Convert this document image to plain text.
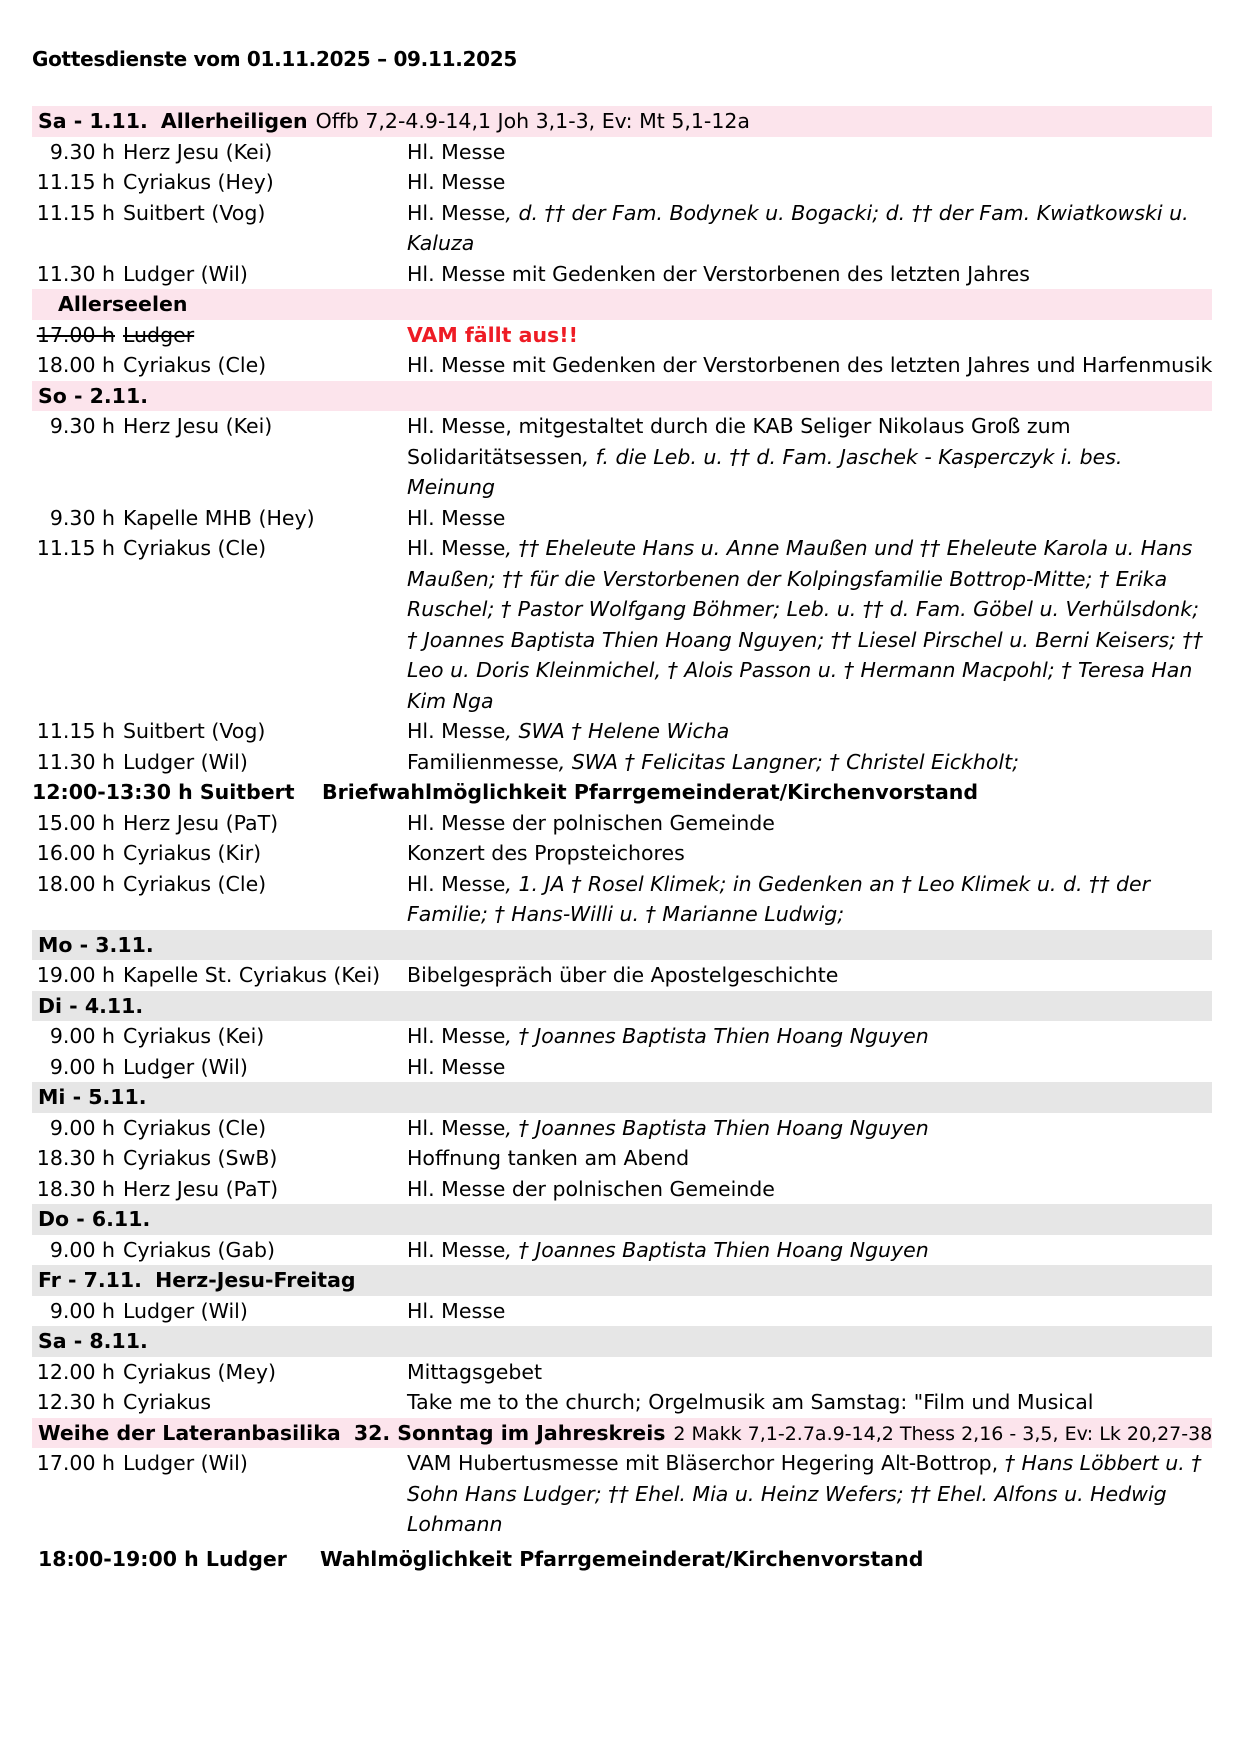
Gottesdienste vom 01.11.2025 – 09.11.2025
Sa - 1.11. Allerheiligen Offb 7,2-4.9-14,1 Joh 3,1-3, Ev: Mt 5,1-12a
9.30 h Herz Jesu (Kei)	Hl. Messe
11.15 h Cyriakus (Hey)	Hl. Messe
11.15 h Suitbert (Vog)	Hl. Messe, d. †† der Fam. Bodynek u. Bogacki; d. †† der Fam. Kwiatkowski u. Kaluza
11.30 h Ludger (Wil)	Hl. Messe mit Gedenken der Verstorbenen des letzten Jahres
Allerseelen
17.00 h Ludger	VAM fällt aus!!
18.00 h Cyriakus (Cle)	Hl. Messe mit Gedenken der Verstorbenen des letzten Jahres und Harfenmusik
So - 2.11.
9.30 h Herz Jesu (Kei)	Hl. Messe, mitgestaltet durch die KAB Seliger Nikolaus Groß zum Solidaritätsessen, f. die Leb. u. †† d. Fam. Jaschek - Kasperczyk i. bes. Meinung
9.30 h Kapelle MHB (Hey)	Hl. Messe
11.15 h Cyriakus (Cle)	Hl. Messe, †† Eheleute Hans u. Anne Maußen und †† Eheleute Karola u. Hans Maußen; †† für die Verstorbenen der Kolpingsfamilie Bottrop-Mitte; † Erika Ruschel; † Pastor Wolfgang Böhmer; Leb. u. †† d. Fam. Göbel u. Verhülsdonk; † Joannes Baptista Thien Hoang Nguyen; †† Liesel Pirschel u. Berni Keisers; †† Leo u. Doris Kleinmichel, † Alois Passon u. † Hermann Macpohl; † Teresa Han Kim Nga
11.15 h Suitbert (Vog)	Hl. Messe, SWA † Helene Wicha
11.30 h Ludger (Wil)	Familienmesse, SWA † Felicitas Langner; † Christel Eickholt;
12:00-13:30 h Suitbert	Briefwahlmöglichkeit Pfarrgemeinderat/Kirchenvorstand
15.00 h Herz Jesu (PaT)	Hl. Messe der polnischen Gemeinde
16.00 h Cyriakus (Kir)	Konzert des Propsteichores
18.00 h Cyriakus (Cle)	Hl. Messe, 1. JA † Rosel Klimek; in Gedenken an † Leo Klimek u. d. †† der Familie; † Hans-Willi u. † Marianne Ludwig;
Mo - 3.11.
19.00 h Kapelle St. Cyriakus (Kei)	Bibelgespräch über die Apostelgeschichte
Di - 4.11.
9.00 h Cyriakus (Kei)	Hl. Messe, † Joannes Baptista Thien Hoang Nguyen
9.00 h Ludger (Wil)	Hl. Messe
Mi - 5.11.
9.00 h Cyriakus (Cle)	Hl. Messe, † Joannes Baptista Thien Hoang Nguyen
18.30 h Cyriakus (SwB)	Hoffnung tanken am Abend
18.30 h Herz Jesu (PaT)	Hl. Messe der polnischen Gemeinde
Do - 6.11.
9.00 h Cyriakus (Gab)	Hl. Messe, † Joannes Baptista Thien Hoang Nguyen
Fr - 7.11. Herz-Jesu-Freitag
9.00 h Ludger (Wil)	Hl. Messe
Sa - 8.11.
12.00 h Cyriakus (Mey)	Mittagsgebet
12.30 h Cyriakus	Take me to the church; Orgelmusik am Samstag: "Film und Musical
Weihe der Lateranbasilika 32. Sonntag im Jahreskreis 2 Makk 7,1-2.7a.9-14,2 Thess 2,16 - 3,5, Ev: Lk 20,27-38
17.00 h Ludger (Wil)	VAM Hubertusmesse mit Bläserchor Hegering Alt-Bottrop, † Hans Löbbert u. † Sohn Hans Ludger; †† Ehel. Mia u. Heinz Wefers; †† Ehel. Alfons u. Hedwig Lohmann
18:00-19:00 h Ludger	Wahlmöglichkeit Pfarrgemeinderat/Kirchenvorstand
